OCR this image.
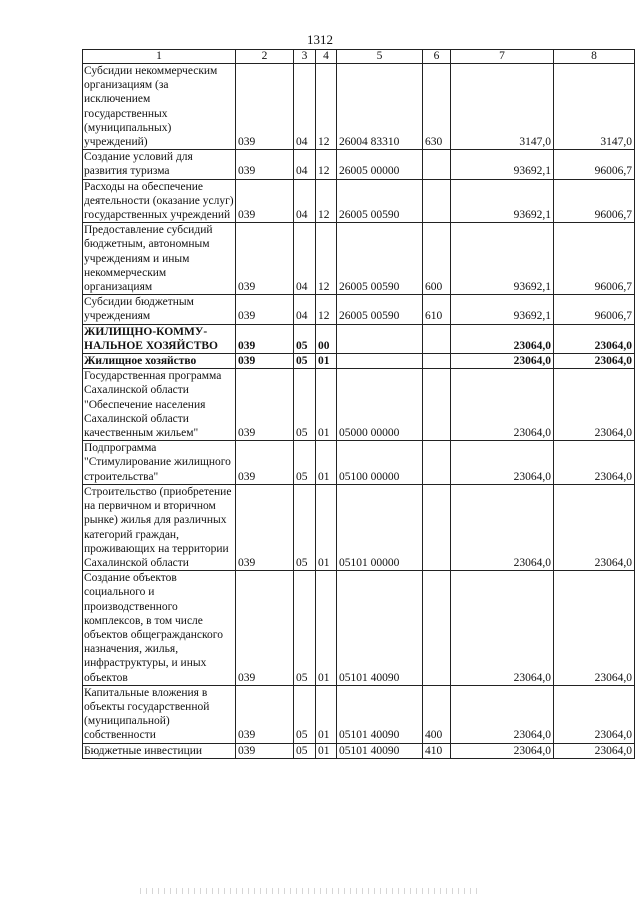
1312
1	2	3	4	5	6	7	8
Субсидии некоммерческим организациям (за исключением государственных (муниципальных) учреждений)	039	04	12	26004 83310	630	3147,0	3147,0
Создание условий для развития туризма	039	04	12	26005 00000		93692,1	96006,7
Расходы на обеспечение деятельности (оказание услуг) государственных учреждений	039	04	12	26005 00590		93692,1	96006,7
Предоставление субсидий бюджетным, автономным учреждениям и иным некоммерческим организациям	039	04	12	26005 00590	600	93692,1	96006,7
Субсидии бюджетным учреждениям	039	04	12	26005 00590	610	93692,1	96006,7
ЖИЛИЩНО-КОММУ-НАЛЬНОЕ ХОЗЯЙСТВО	039	05	00			23064,0	23064,0
Жилищное хозяйство	039	05	01			23064,0	23064,0
Государственная программа Сахалинской области "Обеспечение населения Сахалинской области качественным жильем"	039	05	01	05000 00000		23064,0	23064,0
Подпрограмма "Стимулирование жилищного строительства"	039	05	01	05100 00000		23064,0	23064,0
Строительство (приобретение на первичном и вторичном рынке) жилья для различных категорий граждан, проживающих на территории Сахалинской области	039	05	01	05101 00000		23064,0	23064,0
Создание объектов социального и производственного комплексов, в том числе объектов общегражданского назначения, жилья, инфраструктуры, и иных объектов	039	05	01	05101 40090		23064,0	23064,0
Капитальные вложения в объекты государственной (муниципальной) собственности	039	05	01	05101 40090	400	23064,0	23064,0
Бюджетные инвестиции	039	05	01	05101 40090	410	23064,0	23064,0
